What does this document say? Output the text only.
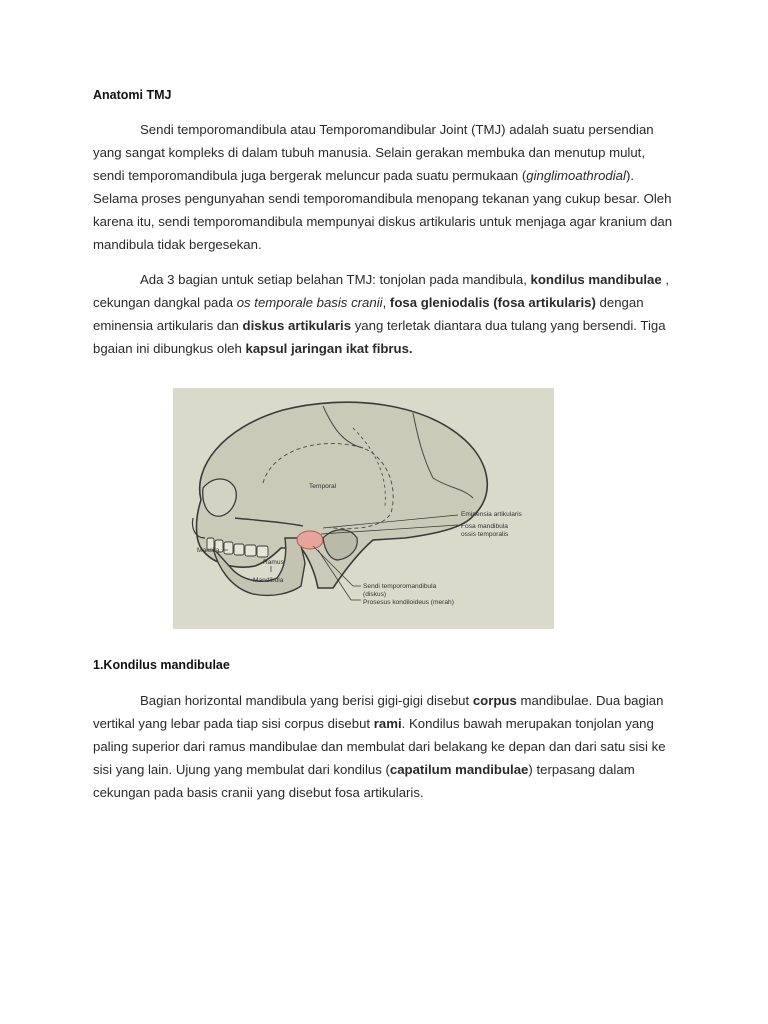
Anatomi TMJ

Sendi temporomandibula atau Temporomandibular Joint (TMJ) adalah suatu persendian yang sangat kompleks di dalam tubuh manusia. Selain gerakan membuka dan menutup mulut, sendi temporomandibula juga bergerak meluncur pada suatu permukaan (ginglimoathrodial). Selama proses pengunyahan sendi temporomandibula menopang tekanan yang cukup besar. Oleh karena itu, sendi temporomandibula mempunyai diskus artikularis untuk menjaga agar kranium dan mandibula tidak bergesekan.

Ada 3 bagian untuk setiap belahan TMJ: tonjolan pada mandibula, kondilus mandibulae , cekungan dangkal pada os temporale basis cranii, fosa gleniodalis (fosa artikularis) dengan eminensia artikularis dan diskus artikularis yang terletak diantara dua tulang yang bersendi. Tiga bgaian ini dibungkus oleh kapsul jaringan ikat fibrus.

Temporal
Eminensia artikularis
Fosa mandibula
ossis temporalis
Maksila
Ramus
Mandibula
Sendi temporomandibula
(diskus)
Prosesus kondiloideus (merah)
1.Kondilus mandibulae

Bagian horizontal mandibula yang berisi gigi-gigi disebut corpus mandibulae. Dua bagian vertikal yang lebar pada tiap sisi corpus disebut rami. Kondilus bawah merupakan tonjolan yang paling superior dari ramus mandibulae dan membulat dari belakang ke depan dan dari satu sisi ke sisi yang lain. Ujung yang membulat dari kondilus (capatilum mandibulae) terpasang dalam cekungan pada basis cranii yang disebut fosa artikularis.
